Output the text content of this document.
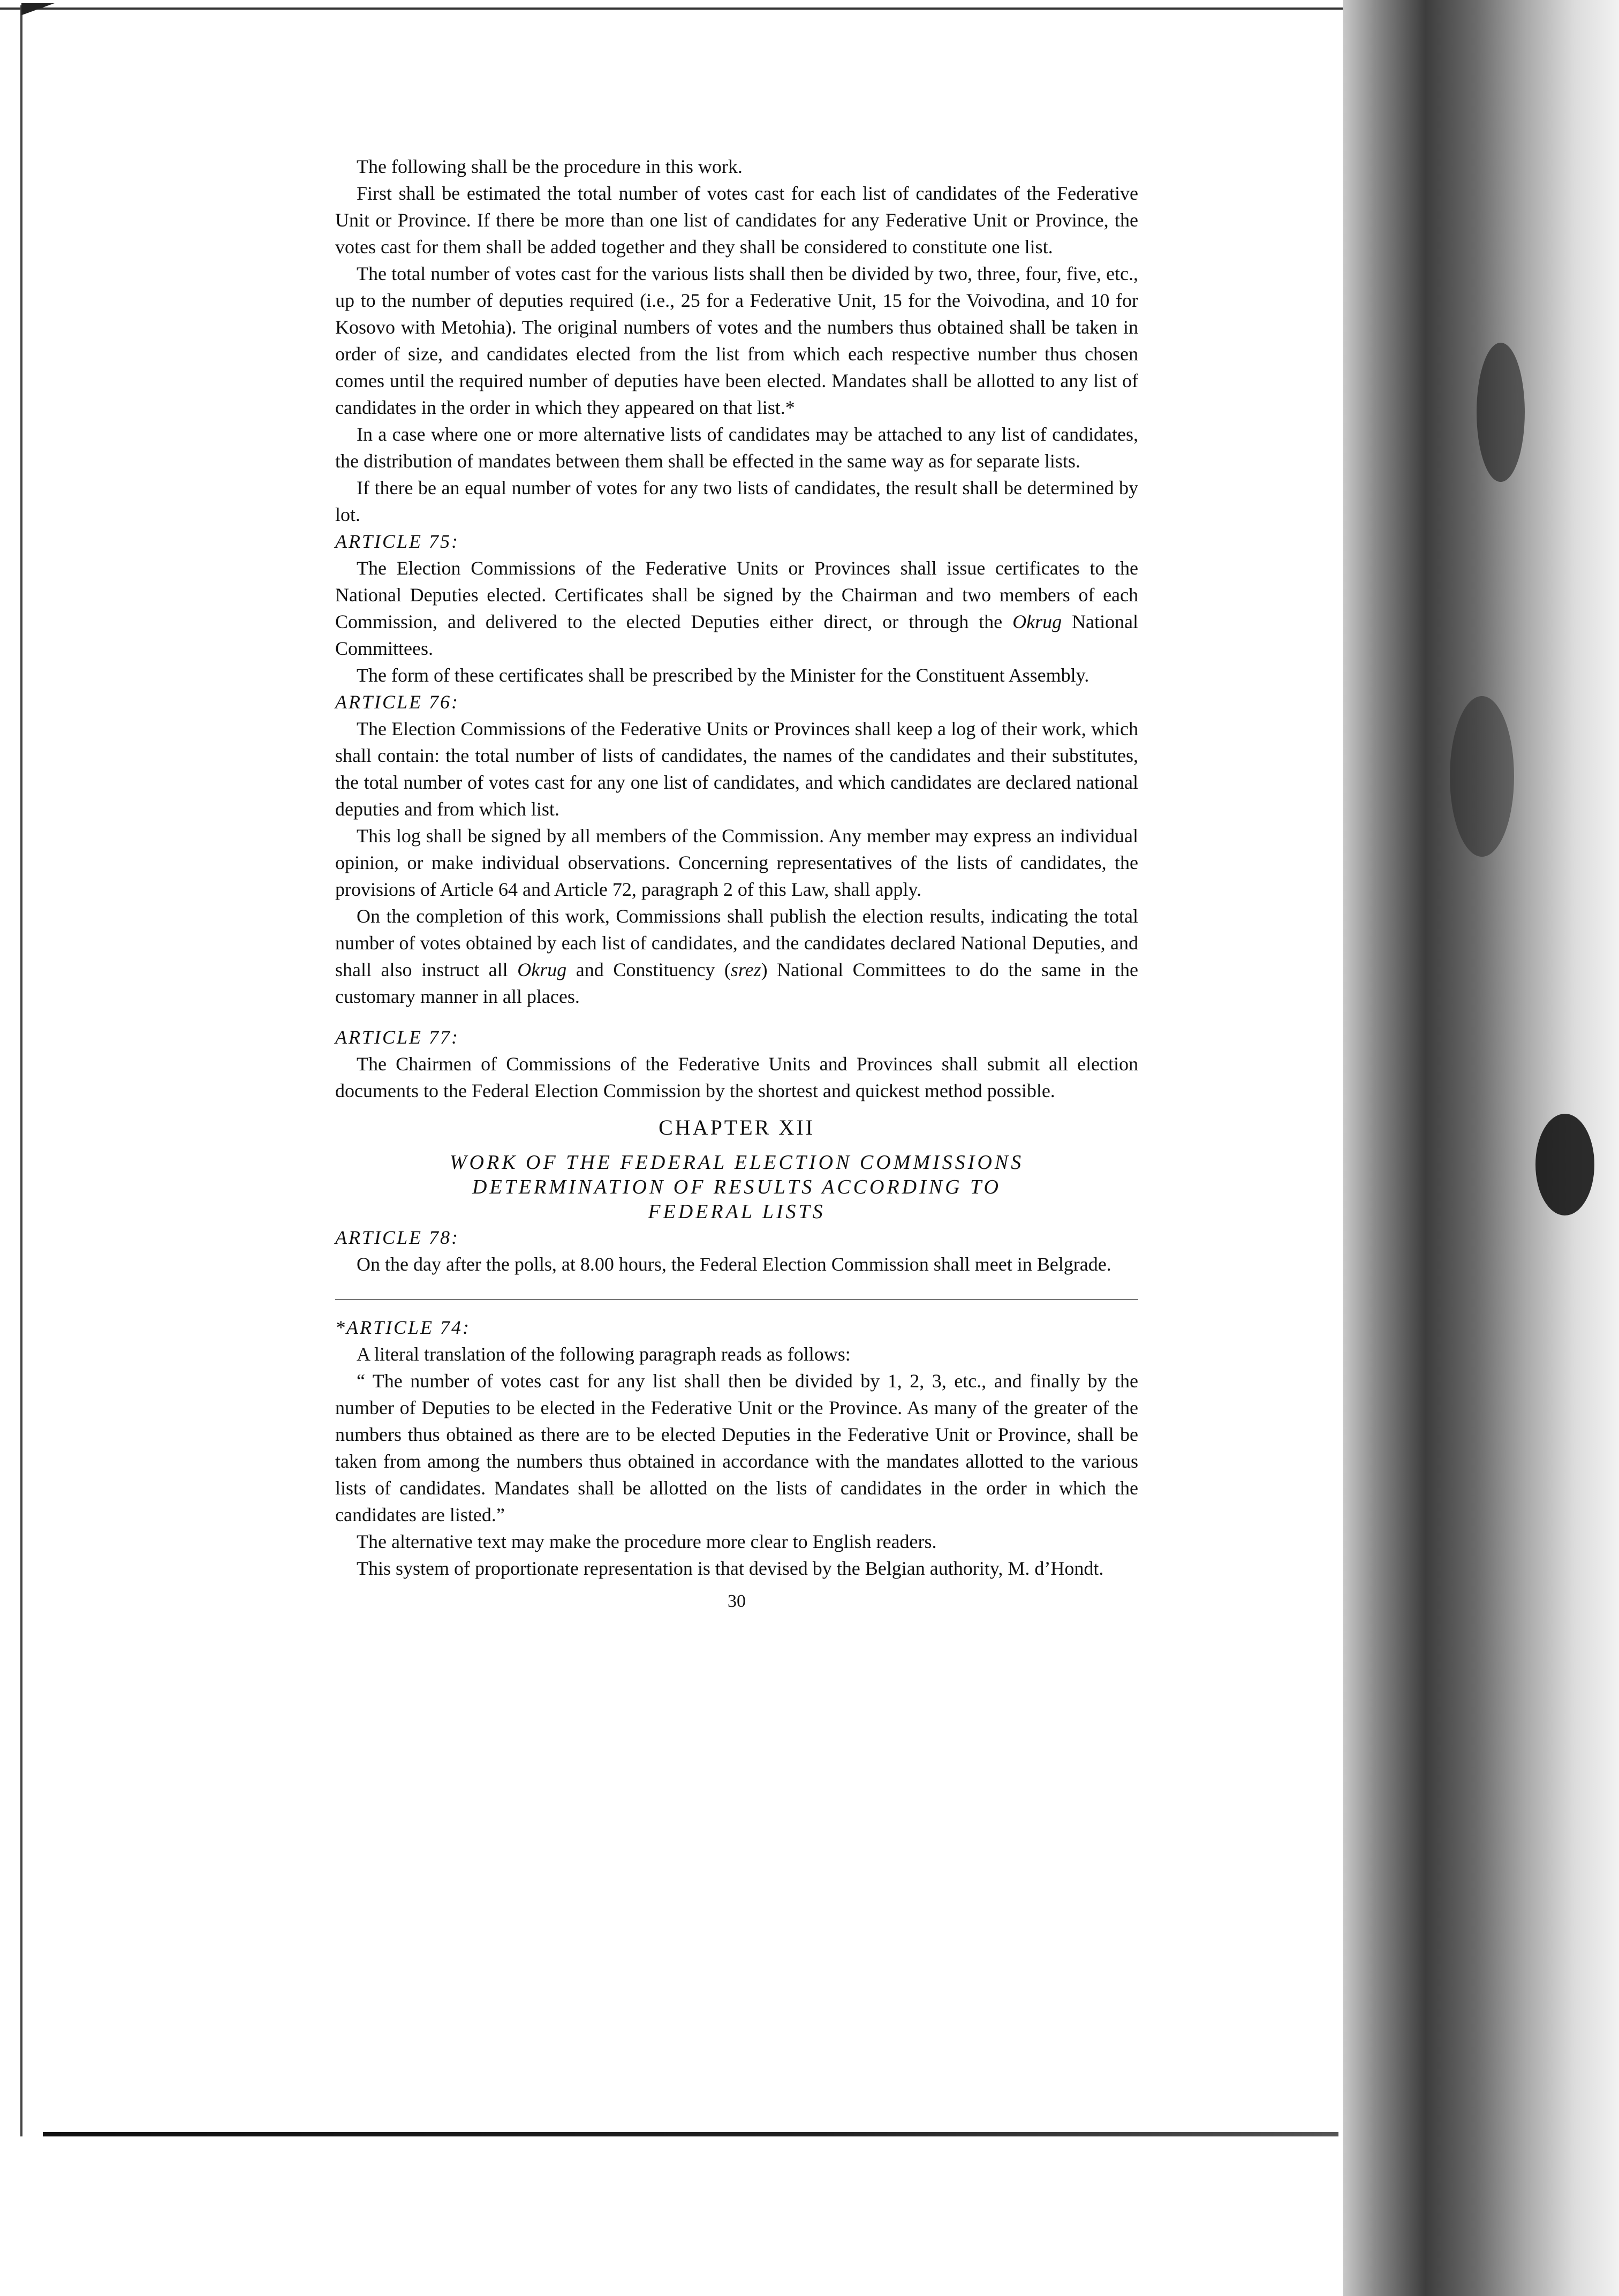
The following shall be the procedure in this work.

First shall be estimated the total number of votes cast for each list of candidates of the Federative Unit or Province. If there be more than one list of candidates for any Federative Unit or Province, the votes cast for them shall be added together and they shall be considered to constitute one list.

The total number of votes cast for the various lists shall then be divided by two, three, four, five, etc., up to the number of deputies required (i.e., 25 for a Federative Unit, 15 for the Voivodina, and 10 for Kosovo with Metohia). The original numbers of votes and the numbers thus obtained shall be taken in order of size, and candidates elected from the list from which each respective number thus chosen comes until the required number of deputies have been elected. Mandates shall be allotted to any list of candidates in the order in which they appeared on that list.*

In a case where one or more alternative lists of candidates may be attached to any list of candidates, the distribution of mandates between them shall be effected in the same way as for separate lists.

If there be an equal number of votes for any two lists of candidates, the result shall be determined by lot.

ARTICLE 75:

The Election Commissions of the Federative Units or Provinces shall issue certificates to the National Deputies elected. Certificates shall be signed by the Chairman and two members of each Commission, and delivered to the elected Deputies either direct, or through the Okrug National Committees.

The form of these certificates shall be prescribed by the Minister for the Constituent Assembly.

ARTICLE 76:

The Election Commissions of the Federative Units or Provinces shall keep a log of their work, which shall contain: the total number of lists of candidates, the names of the candidates and their substitutes, the total number of votes cast for any one list of candidates, and which candidates are declared national deputies and from which list.

This log shall be signed by all members of the Commission. Any member may express an individual opinion, or make individual observations. Concerning representatives of the lists of candidates, the provisions of Article 64 and Article 72, paragraph 2 of this Law, shall apply.

On the completion of this work, Commissions shall publish the election results, indicating the total number of votes obtained by each list of candidates, and the candidates declared National Deputies, and shall also instruct all Okrug and Constituency (srez) National Committees to do the same in the customary manner in all places.

ARTICLE 77:

The Chairmen of Commissions of the Federative Units and Provinces shall submit all election documents to the Federal Election Commission by the shortest and quickest method possible.

CHAPTER XII
WORK OF THE FEDERAL ELECTION COMMISSIONS
DETERMINATION OF RESULTS ACCORDING TO
FEDERAL LISTS

ARTICLE 78:

On the day after the polls, at 8.00 hours, the Federal Election Commission shall meet in Belgrade.

*ARTICLE 74:

A literal translation of the following paragraph reads as follows:

“ The number of votes cast for any list shall then be divided by 1, 2, 3, etc., and finally by the number of Deputies to be elected in the Federative Unit or the Province. As many of the greater of the numbers thus obtained as there are to be elected Deputies in the Federative Unit or Province, shall be taken from among the numbers thus obtained in accordance with the mandates allotted to the various lists of candidates. Mandates shall be allotted on the lists of candidates in the order in which the candidates are listed.”

The alternative text may make the procedure more clear to English readers.

This system of proportionate representation is that devised by the Belgian authority, M. d’Hondt.

30
